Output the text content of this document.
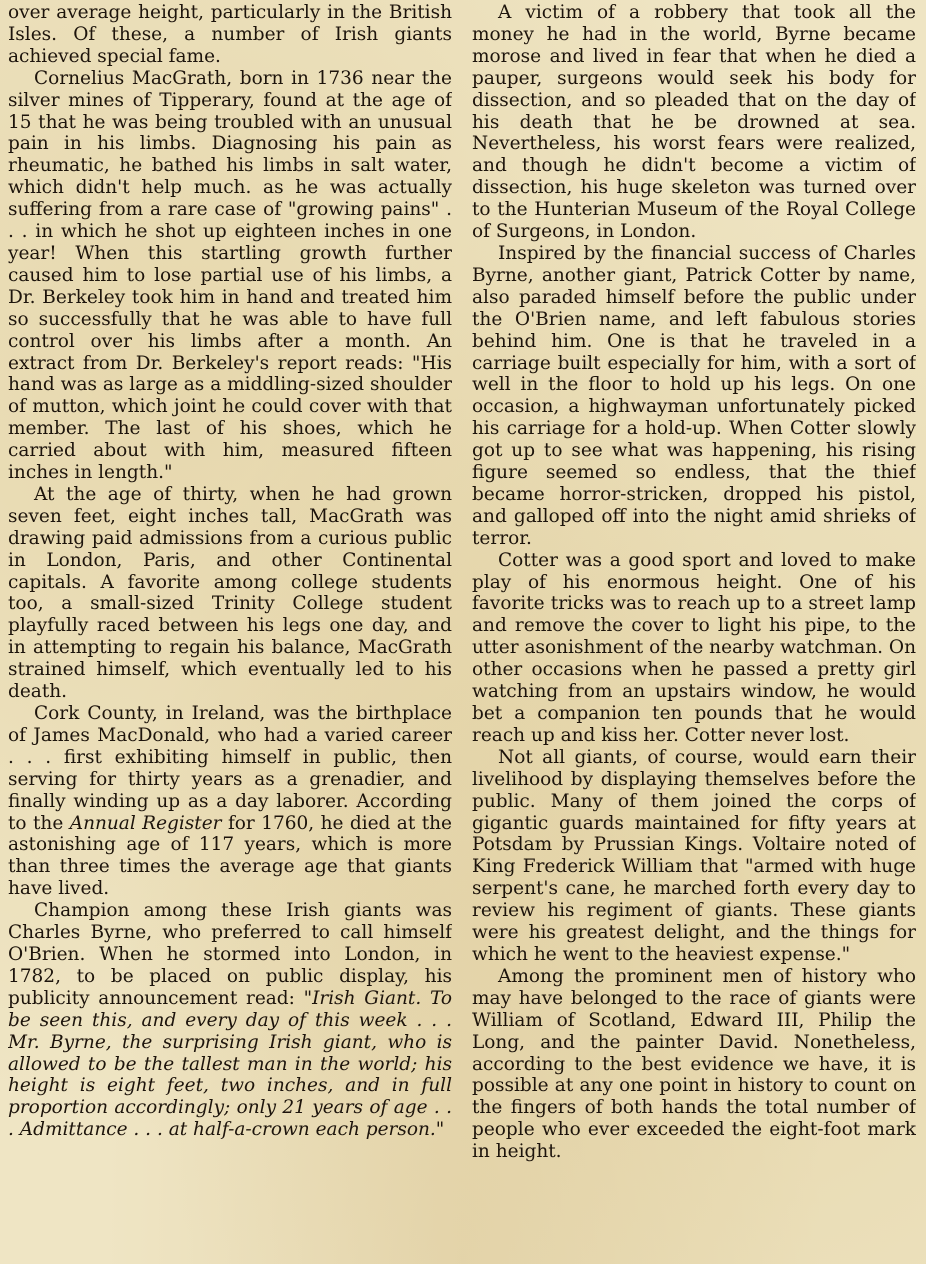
over average height, particularly in the British Isles. Of these, a number of Irish giants achieved special fame.

Cornelius MacGrath, born in 1736 near the silver mines of Tipperary, found at the age of 15 that he was being troubled with an unusual pain in his limbs. Diagnosing his pain as rheumatic, he bathed his limbs in salt water, which didn't help much. as he was actually suffering from a rare case of "growing pains" . . . in which he shot up eighteen inches in one year! When this startling growth further caused him to lose partial use of his limbs, a Dr. Berkeley took him in hand and treated him so successfully that he was able to have full control over his limbs after a month. An extract from Dr. Berkeley's report reads: "His hand was as large as a middling-sized shoulder of mutton, which joint he could cover with that member. The last of his shoes, which he carried about with him, measured fifteen inches in length."

At the age of thirty, when he had grown seven feet, eight inches tall, MacGrath was drawing paid admissions from a curious public in London, Paris, and other Continental capitals. A favorite among college students too, a small-sized Trinity College student playfully raced between his legs one day, and in attempting to regain his balance, MacGrath strained himself, which eventually led to his death.

Cork County, in Ireland, was the birthplace of James MacDonald, who had a varied career . . . first exhibiting himself in public, then serving for thirty years as a grenadier, and finally winding up as a day laborer. According to the Annual Register for 1760, he died at the astonishing age of 117 years, which is more than three times the average age that giants have lived.

Champion among these Irish giants was Charles Byrne, who preferred to call himself O'Brien. When he stormed into London, in 1782, to be placed on public display, his publicity announcement read: "Irish Giant. To be seen this, and every day of this week . . . Mr. Byrne, the surprising Irish giant, who is allowed to be the tallest man in the world; his height is eight feet, two inches, and in full proportion accordingly; only 21 years of age . . . Admittance . . . at half-a-crown each person."

A victim of a robbery that took all the money he had in the world, Byrne became morose and lived in fear that when he died a pauper, surgeons would seek his body for dissection, and so pleaded that on the day of his death that he be drowned at sea. Nevertheless, his worst fears were realized, and though he didn't become a victim of dissection, his huge skeleton was turned over to the Hunterian Museum of the Royal College of Surgeons, in London.

Inspired by the financial success of Charles Byrne, another giant, Patrick Cotter by name, also paraded himself before the public under the O'Brien name, and left fabulous stories behind him. One is that he traveled in a carriage built especially for him, with a sort of well in the floor to hold up his legs. On one occasion, a highwayman unfortunately picked his carriage for a hold-up. When Cotter slowly got up to see what was happening, his rising figure seemed so endless, that the thief became horror-stricken, dropped his pistol, and galloped off into the night amid shrieks of terror.

Cotter was a good sport and loved to make play of his enormous height. One of his favorite tricks was to reach up to a street lamp and remove the cover to light his pipe, to the utter asonishment of the nearby watchman. On other occasions when he passed a pretty girl watching from an upstairs window, he would bet a companion ten pounds that he would reach up and kiss her. Cotter never lost.

Not all giants, of course, would earn their livelihood by displaying themselves before the public. Many of them joined the corps of gigantic guards maintained for fifty years at Potsdam by Prussian Kings. Voltaire noted of King Frederick William that "armed with huge serpent's cane, he marched forth every day to review his regiment of giants. These giants were his greatest delight, and the things for which he went to the heaviest expense."

Among the prominent men of history who may have belonged to the race of giants were William of Scotland, Edward III, Philip the Long, and the painter David. Nonetheless, according to the best evidence we have, it is possible at any one point in history to count on the fingers of both hands the total number of people who ever exceeded the eight-foot mark in height.
